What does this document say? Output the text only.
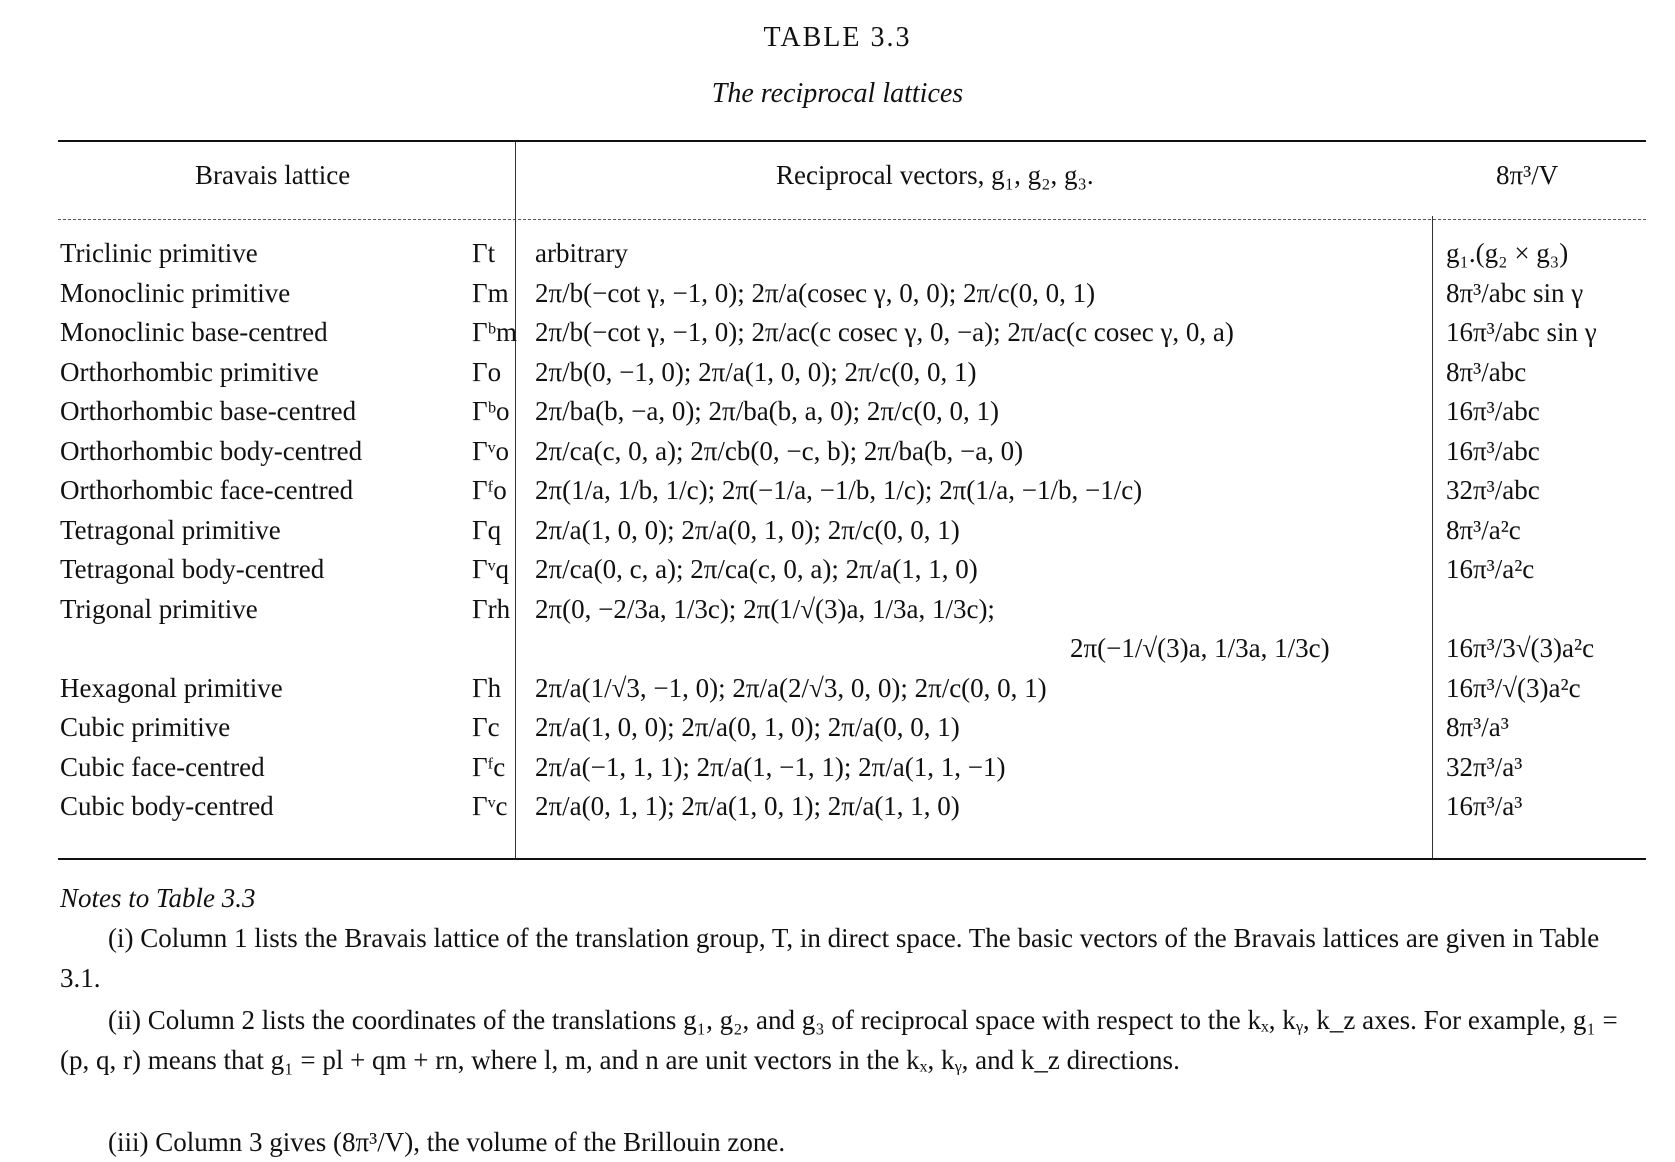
TABLE 3.3
The reciprocal lattices
Bravais lattice	Reciprocal vectors, g₁, g₂, g₃.	8π³/V
Triclinic primitive	Γt arbitrary	g₁.(g₂ × g₃)
Monoclinic primitive	Γm 2π/b(−cot γ, −1, 0); 2π/a(cosec γ, 0, 0); 2π/c(0, 0, 1)	8π³/abc sin γ
Monoclinic base-centred	Γᵇm 2π/b(−cot γ, −1, 0); 2π/ac(c cosec γ, 0, −a); 2π/ac(c cosec γ, 0, a)	16π³/abc sin γ
Orthorhombic primitive	Γo 2π/b(0, −1, 0); 2π/a(1, 0, 0); 2π/c(0, 0, 1)	8π³/abc
Orthorhombic base-centred	Γᵇo 2π/ba(b, −a, 0); 2π/ba(b, a, 0); 2π/c(0, 0, 1)	16π³/abc
Orthorhombic body-centred	Γᵛo 2π/ca(c, 0, a); 2π/cb(0, −c, b); 2π/ba(b, −a, 0)	16π³/abc
Orthorhombic face-centred	Γᶠo 2π(1/a, 1/b, 1/c); 2π(−1/a, −1/b, 1/c); 2π(1/a, −1/b, −1/c)	32π³/abc
Tetragonal primitive	Γq 2π/a(1, 0, 0); 2π/a(0, 1, 0); 2π/c(0, 0, 1)	8π³/a²c
Tetragonal body-centred	Γᵛq 2π/ca(0, c, a); 2π/ca(c, 0, a); 2π/a(1, 1, 0)	16π³/a²c
Trigonal primitive	Γrh 2π(0, −2/3a, 1/3c); 2π(1/√(3)a, 1/3a, 1/3c);
2π(−1/√(3)a, 1/3a, 1/3c)	16π³/3√(3)a²c
Hexagonal primitive	Γh 2π/a(1/√3, −1, 0); 2π/a(2/√3, 0, 0); 2π/c(0, 0, 1)	16π³/√(3)a²c
Cubic primitive	Γc 2π/a(1, 0, 0); 2π/a(0, 1, 0); 2π/a(0, 0, 1)	8π³/a³
Cubic face-centred	Γᶠc 2π/a(−1, 1, 1); 2π/a(1, −1, 1); 2π/a(1, 1, −1)	32π³/a³
Cubic body-centred	Γᵛc 2π/a(0, 1, 1); 2π/a(1, 0, 1); 2π/a(1, 1, 0)	16π³/a³
Notes to Table 3.3
(i) Column 1 lists the Bravais lattice of the translation group, T, in direct space. The basic vectors of the Bravais lattices are given in Table 3.1.
(ii) Column 2 lists the coordinates of the translations g₁, g₂, and g₃ of reciprocal space with respect to the kₓ, kᵧ, k_z axes. For example, g₁ = (p, q, r) means that g₁ = pl + qm + rn, where l, m, and n are unit vectors in the kₓ, kᵧ, and k_z directions.
(iii) Column 3 gives (8π³/V), the volume of the Brillouin zone.
